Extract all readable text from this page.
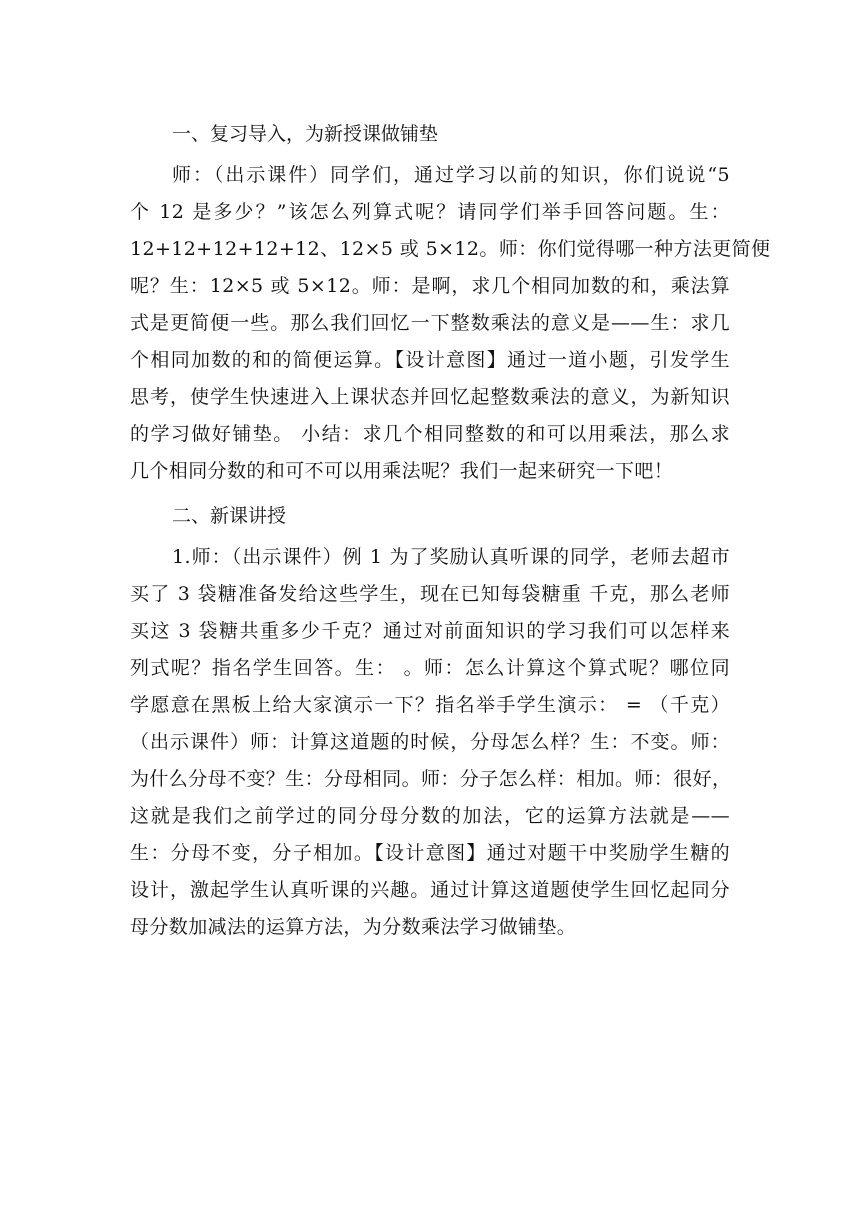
一、复习导入，为新授课做铺垫

师：（出示课件）同学们，通过学习以前的知识，你们说说“5

个 12 是多少？”该怎么列算式呢？请同学们举手回答问题。生：

12+12+12+12+12、12×5 或 5×12。师：你们觉得哪一种方法更简便

呢？生：12×5 或 5×12。师：是啊，求几个相同加数的和，乘法算

式是更简便一些。那么我们回忆一下整数乘法的意义是——生：求几

个相同加数的和的简便运算。【设计意图】通过一道小题，引发学生

思考，使学生快速进入上课状态并回忆起整数乘法的意义，为新知识

的学习做好铺垫。 小结：求几个相同整数的和可以用乘法，那么求

几个相同分数的和可不可以用乘法呢？我们一起来研究一下吧！

二、新课讲授

1.师：（出示课件）例 1 为了奖励认真听课的同学，老师去超市

买了 3 袋糖准备发给这些学生，现在已知每袋糖重 千克，那么老师

买这 3 袋糖共重多少千克？通过对前面知识的学习我们可以怎样来

列式呢？指名学生回答。生： 。师：怎么计算这个算式呢？哪位同

学愿意在黑板上给大家演示一下？指名举手学生演示： = （千克）

（出示课件）师：计算这道题的时候，分母怎么样？生：不变。师：

为什么分母不变？生：分母相同。师：分子怎么样：相加。师：很好，

这就是我们之前学过的同分母分数的加法，它的运算方法就是——

生：分母不变，分子相加。【设计意图】通过对题干中奖励学生糖的

设计，激起学生认真听课的兴趣。通过计算这道题使学生回忆起同分

母分数加减法的运算方法，为分数乘法学习做铺垫。
